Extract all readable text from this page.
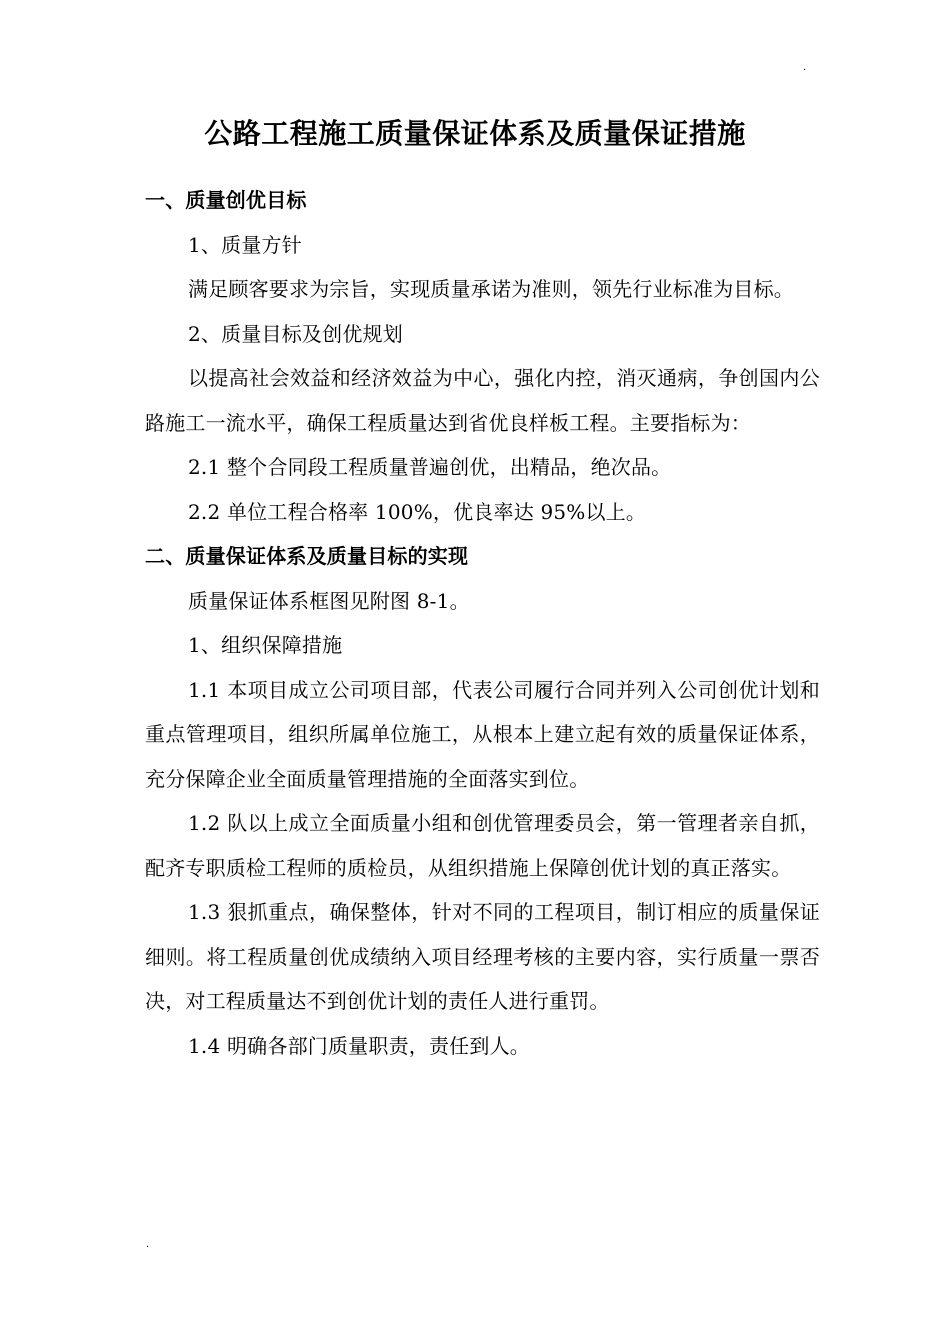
.
公路工程施工质量保证体系及质量保证措施

一、质量创优目标

1、质量方针

满足顾客要求为宗旨，实现质量承诺为准则，领先行业标准为目标。

2、质量目标及创优规划

以提高社会效益和经济效益为中心，强化内控，消灭通病，争创国内公路施工一流水平，确保工程质量达到省优良样板工程。主要指标为：

2.1 整个合同段工程质量普遍创优，出精品，绝次品。

2.2 单位工程合格率 100%，优良率达 95%以上。

二、质量保证体系及质量目标的实现

质量保证体系框图见附图 8-1。

1、组织保障措施

1.1 本项目成立公司项目部，代表公司履行合同并列入公司创优计划和重点管理项目，组织所属单位施工，从根本上建立起有效的质量保证体系，充分保障企业全面质量管理措施的全面落实到位。

1.2 队以上成立全面质量小组和创优管理委员会，第一管理者亲自抓，配齐专职质检工程师的质检员，从组织措施上保障创优计划的真正落实。

1.3 狠抓重点，确保整体，针对不同的工程项目，制订相应的质量保证细则。将工程质量创优成绩纳入项目经理考核的主要内容，实行质量一票否决，对工程质量达不到创优计划的责任人进行重罚。

1.4 明确各部门质量职责，责任到人。

.
